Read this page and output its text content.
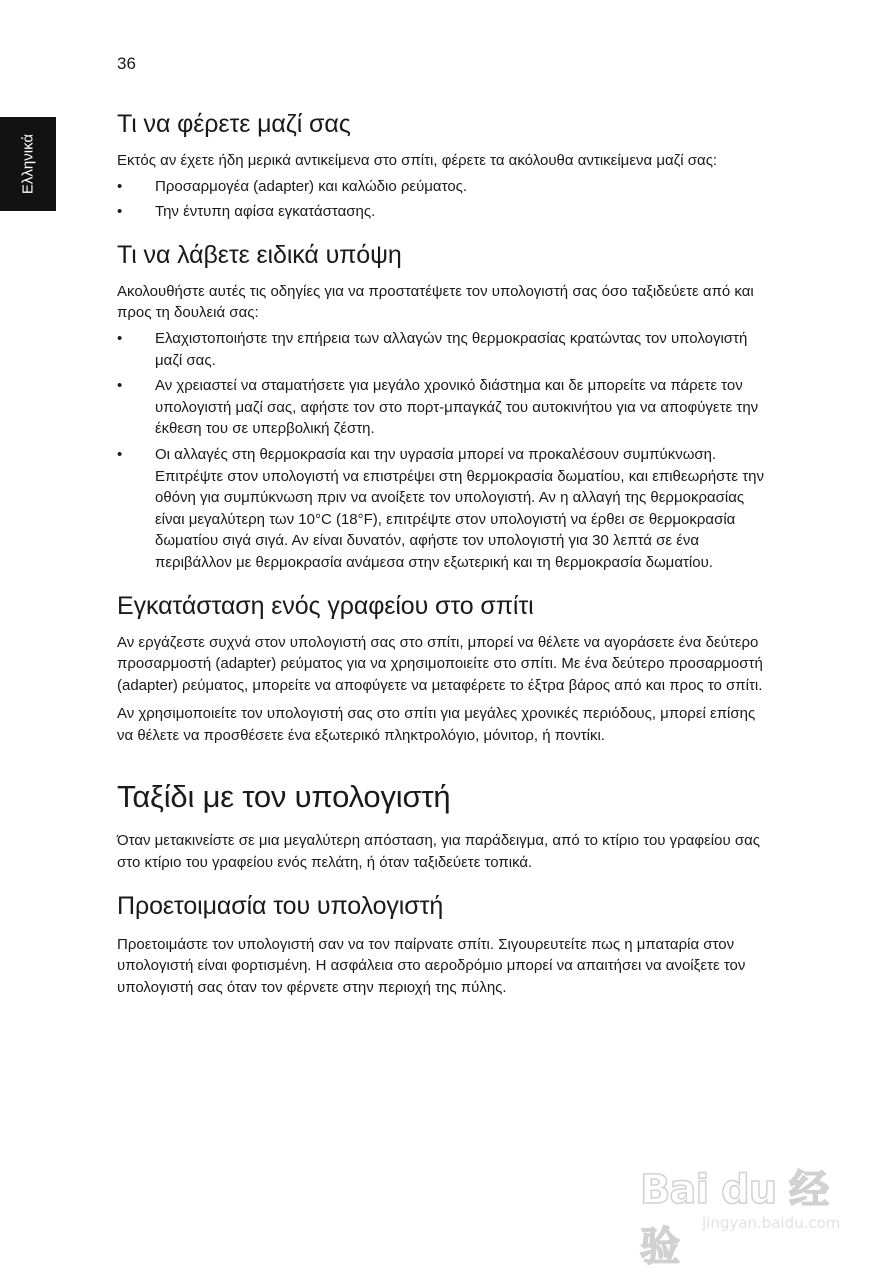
36
Ελληνικά
Τι να φέρετε μαζί σας

Εκτός αν έχετε ήδη μερικά αντικείμενα στο σπίτι, φέρετε τα ακόλουθα αντικείμενα μαζί σας:

• Προσαρμογέα (adapter) και καλώδιο ρεύματος.
• Την έντυπη αφίσα εγκατάστασης.
Τι να λάβετε ειδικά υπόψη

Ακολουθήστε αυτές τις οδηγίες για να προστατέψετε τον υπολογιστή σας όσο ταξιδεύετε από και προς τη δουλειά σας:

• Ελαχιστοποιήστε την επήρεια των αλλαγών της θερμοκρασίας κρατώντας τον υπολογιστή μαζί σας.
• Αν χρειαστεί να σταματήσετε για μεγάλο χρονικό διάστημα και δε μπορείτε να πάρετε τον υπολογιστή μαζί σας, αφήστε τον στο πορτ-μπαγκάζ του αυτοκινήτου για να αποφύγετε την έκθεση του σε υπερβολική ζέστη.
• Οι αλλαγές στη θερμοκρασία και την υγρασία μπορεί να προκαλέσουν συμπύκνωση. Επιτρέψτε στον υπολογιστή να επιστρέψει στη θερμοκρασία δωματίου, και επιθεωρήστε την οθόνη για συμπύκνωση πριν να ανοίξετε τον υπολογιστή. Αν η αλλαγή της θερμοκρασίας είναι μεγαλύτερη των 10°C (18°F), επιτρέψτε στον υπολογιστή να έρθει σε θερμοκρασία δωματίου σιγά σιγά. Αν είναι δυνατόν, αφήστε τον υπολογιστή για 30 λεπτά σε ένα περιβάλλον με θερμοκρασία ανάμεσα στην εξωτερική και τη θερμοκρασία δωματίου.
Εγκατάσταση ενός γραφείου στο σπίτι

Αν εργάζεστε συχνά στον υπολογιστή σας στο σπίτι, μπορεί να θέλετε να αγοράσετε ένα δεύτερο προσαρμοστή (adapter) ρεύματος για να χρησιμοποιείτε στο σπίτι. Με ένα δεύτερο προσαρμοστή (adapter) ρεύματος, μπορείτε να αποφύγετε να μεταφέρετε το έξτρα βάρος από και προς το σπίτι.

Αν χρησιμοποιείτε τον υπολογιστή σας στο σπίτι για μεγάλες χρονικές περιόδους, μπορεί επίσης να θέλετε να προσθέσετε ένα εξωτερικό πληκτρολόγιο, μόνιτορ, ή ποντίκι.

Ταξίδι με τον υπολογιστή

Όταν μετακινείστε σε μια μεγαλύτερη απόσταση, για παράδειγμα, από το κτίριο του γραφείου σας στο κτίριο του γραφείου ενός πελάτη, ή όταν ταξιδεύετε τοπικά.

Προετοιμασία του υπολογιστή

Προετοιμάστε τον υπολογιστή σαν να τον παίρνατε σπίτι. Σιγουρευτείτε πως η μπαταρία στον υπολογιστή είναι φορτισμένη. Η ασφάλεια στο αεροδρόμιο μπορεί να απαιτήσει να ανοίξετε τον υπολογιστή σας όταν τον φέρνετε στην περιοχή της πύλης.

Bai du 经验
jingyan.baidu.com
